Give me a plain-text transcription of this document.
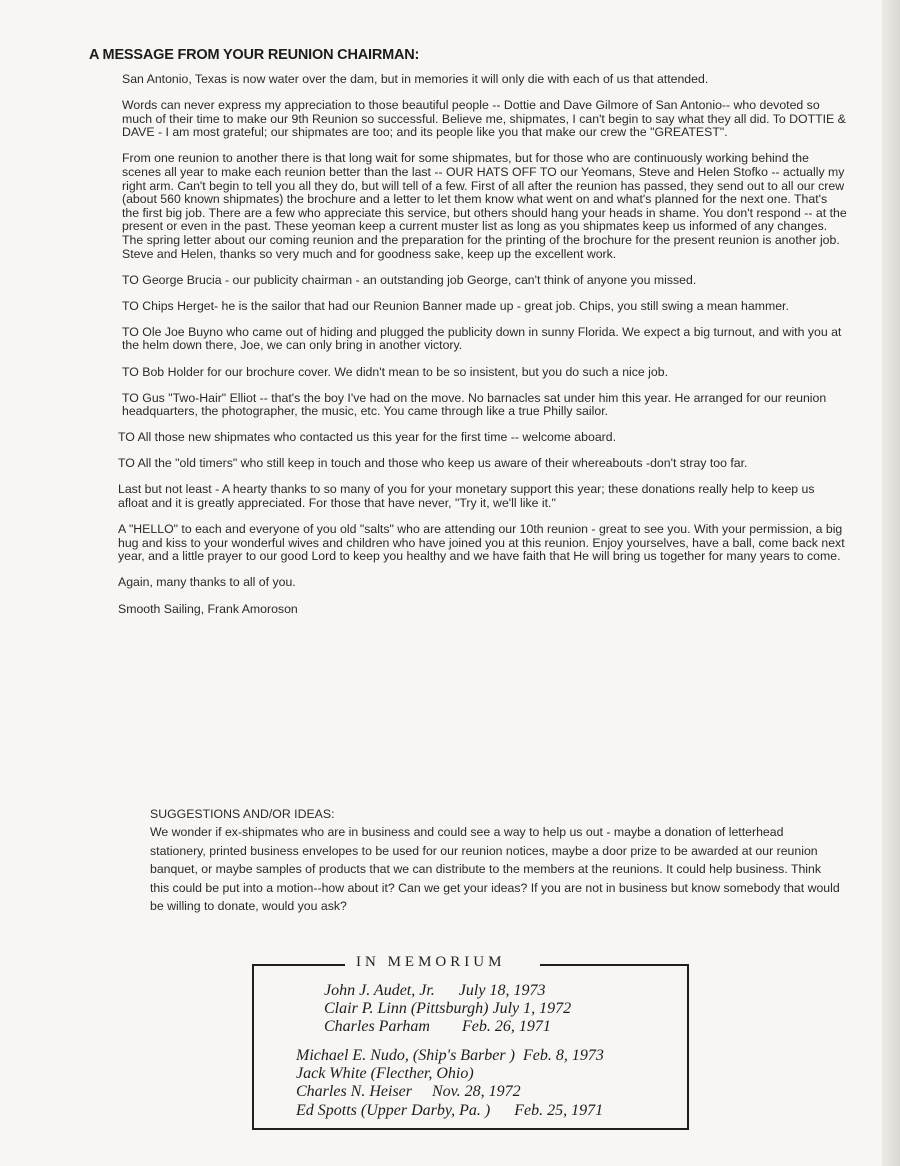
A MESSAGE FROM YOUR REUNION CHAIRMAN:

San Antonio, Texas is now water over the dam, but in memories it will only die with each of us that attended.

Words can never express my appreciation to those beautiful people -- Dottie and Dave Gilmore of San Antonio-- who devoted so much of their time to make our 9th Reunion so successful. Believe me, shipmates, I can't begin to say what they all did. To DOTTIE & DAVE - I am most grateful; our shipmates are too; and its people like you that make our crew the "GREATEST".

From one reunion to another there is that long wait for some shipmates, but for those who are continuously working behind the scenes all year to make each reunion better than the last -- OUR HATS OFF TO our Yeomans, Steve and Helen Stofko -- actually my right arm. Can't begin to tell you all they do, but will tell of a few. First of all after the reunion has passed, they send out to all our crew (about 560 known shipmates) the brochure and a letter to let them know what went on and what's planned for the next one. That's the first big job. There are a few who appreciate this service, but others should hang your heads in shame. You don't respond -- at the present or even in the past. These yeoman keep a current muster list as long as you shipmates keep us informed of any changes. The spring letter about our coming reunion and the preparation for the printing of the brochure for the present reunion is another job. Steve and Helen, thanks so very much and for goodness sake, keep up the excellent work.

TO George Brucia - our publicity chairman - an outstanding job George, can't think of anyone you missed.

TO Chips Herget- he is the sailor that had our Reunion Banner made up - great job. Chips, you still swing a mean hammer.

TO Ole Joe Buyno who came out of hiding and plugged the publicity down in sunny Florida. We expect a big turnout, and with you at the helm down there, Joe, we can only bring in another victory.

TO Bob Holder for our brochure cover. We didn't mean to be so insistent, but you do such a nice job.

TO Gus "Two-Hair" Elliot -- that's the boy I've had on the move. No barnacles sat under him this year. He arranged for our reunion headquarters, the photographer, the music, etc. You came through like a true Philly sailor.

TO All those new shipmates who contacted us this year for the first time -- welcome aboard.

TO All the "old timers" who still keep in touch and those who keep us aware of their whereabouts -don't stray too far.

Last but not least - A hearty thanks to so many of you for your monetary support this year; these donations really help to keep us afloat and it is greatly appreciated. For those that have never, "Try it, we'll like it."

A "HELLO" to each and everyone of you old "salts" who are attending our 10th reunion - great to see you. With your permission, a big hug and kiss to your wonderful wives and children who have joined you at this reunion. Enjoy yourselves, have a ball, come back next year, and a little prayer to our good Lord to keep you healthy and we have faith that He will bring us together for many years to come.

Again, many thanks to all of you.

Smooth Sailing, Frank Amoroson

SUGGESTIONS AND/OR IDEAS:

We wonder if ex-shipmates who are in business and could see a way to help us out - maybe a donation of letterhead stationery, printed business envelopes to be used for our reunion notices, maybe a door prize to be awarded at our reunion banquet, or maybe samples of products that we can distribute to the members at the reunions. It could help business. Think this could be put into a motion--how about it? Can we get your ideas? If you are not in business but know somebody that would be willing to donate, would you ask?

IN MEMORIUM
John J. Audet, Jr. July 18, 1973
Clair P. Linn (Pittsburgh) July 1, 1972
Charles Parham Feb. 26, 1971
Michael E. Nudo, (Ship's Barber ) Feb. 8, 1973
Jack White (Flecther, Ohio)
Charles N. Heiser Nov. 28, 1972
Ed Spotts (Upper Darby, Pa. ) Feb. 25, 1971
